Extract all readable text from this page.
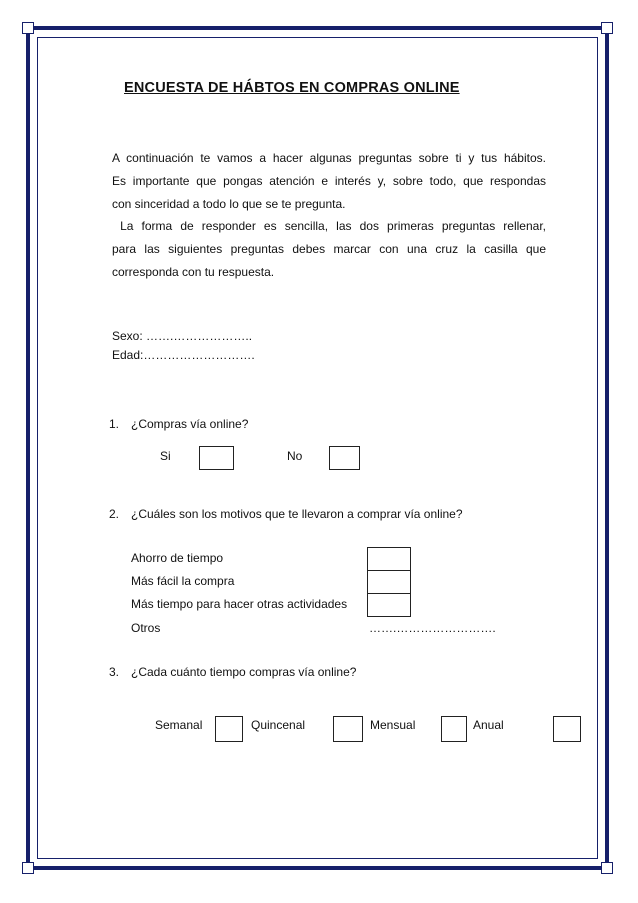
ENCUESTA DE HÁBTOS EN COMPRAS ONLINE

A continuación te vamos a hacer algunas preguntas sobre ti y tus hábitos.

Es importante que pongas atención e interés y, sobre todo, que respondas

con sinceridad a todo lo que se te pregunta.

La forma de responder es sencilla, las dos primeras preguntas rellenar,

para las siguientes preguntas debes marcar con una cruz la casilla que

corresponda con tu respuesta.

Sexo: …….………………..
Edad:……………………….
1. ¿Compras vía online?
Si	No
2. ¿Cuáles son los motivos que te llevaron a comprar vía online?
Ahorro de tiempo
Más fácil la compra
Más tiempo para hacer otras actividades
Otros	…….…………………….
3. ¿Cada cuánto tiempo compras vía online?
Semanal	Quincenal	Mensual	Anual
